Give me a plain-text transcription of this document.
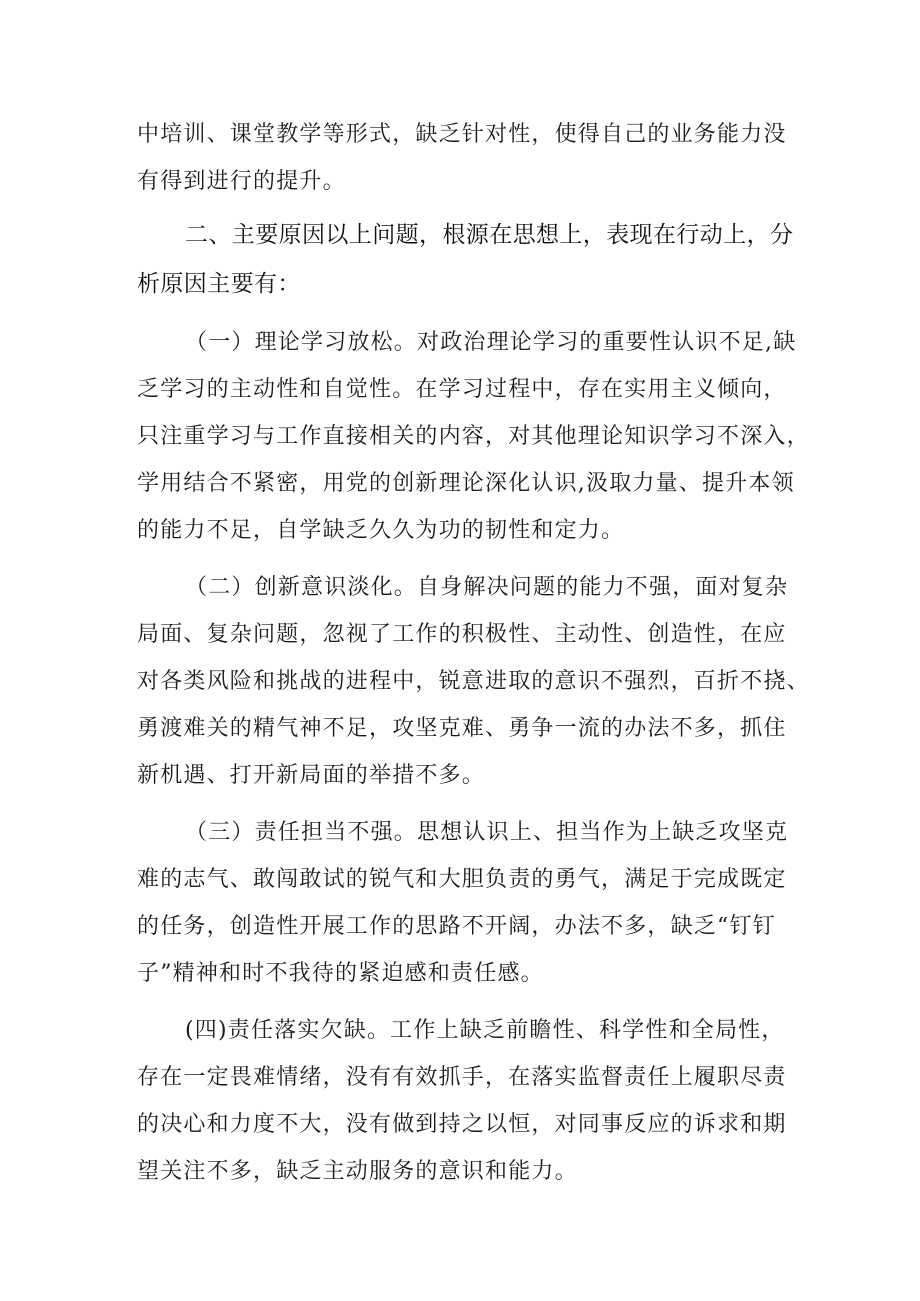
中培训、课堂教学等形式，缺乏针对性，使得自己的业务能力没
有得到进行的提升。
二、主要原因以上问题，根源在思想上，表现在行动上，分
析原因主要有：
（一）理论学习放松。对政治理论学习的重要性认识不足,缺
乏学习的主动性和自觉性。在学习过程中，存在实用主义倾向，
只注重学习与工作直接相关的内容，对其他理论知识学习不深入，
学用结合不紧密，用党的创新理论深化认识,汲取力量、提升本领
的能力不足，自学缺乏久久为功的韧性和定力。
（二）创新意识淡化。自身解决问题的能力不强，面对复杂
局面、复杂问题，忽视了工作的积极性、主动性、创造性，在应
对各类风险和挑战的进程中，锐意进取的意识不强烈，百折不挠、
勇渡难关的精气神不足，攻坚克难、勇争一流的办法不多，抓住
新机遇、打开新局面的举措不多。
（三）责任担当不强。思想认识上、担当作为上缺乏攻坚克
难的志气、敢闯敢试的锐气和大胆负责的勇气，满足于完成既定
的任务，创造性开展工作的思路不开阔，办法不多，缺乏“钉钉
子”精神和时不我待的紧迫感和责任感。
(四)责任落实欠缺。工作上缺乏前瞻性、科学性和全局性，
存在一定畏难情绪，没有有效抓手，在落实监督责任上履职尽责
的决心和力度不大，没有做到持之以恒，对同事反应的诉求和期
望关注不多，缺乏主动服务的意识和能力。
